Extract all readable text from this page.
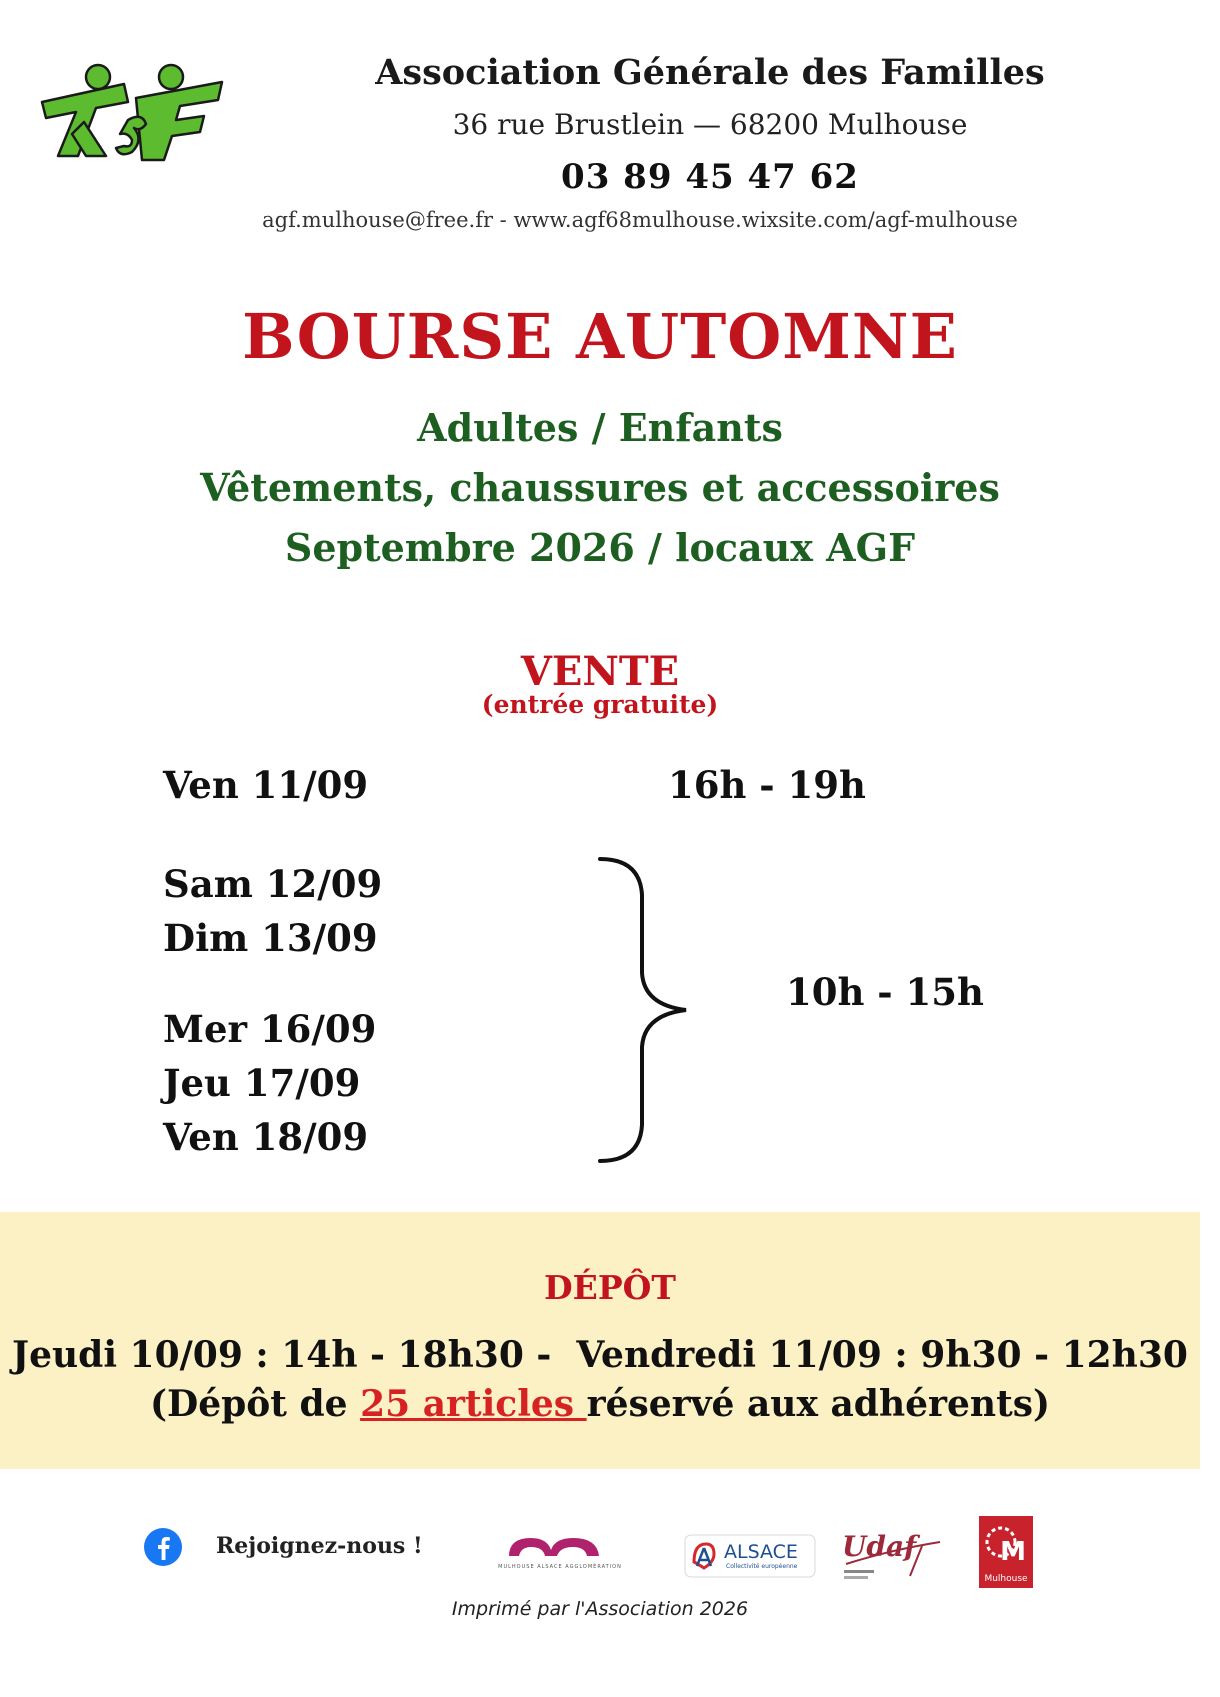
Association Générale des Familles
36 rue Brustlein — 68200 Mulhouse
03 89 45 47 62
agf.mulhouse@free.fr - www.agf68mulhouse.wixsite.com/agf-mulhouse
BOURSE AUTOMNE
Adultes / Enfants
Vêtements, chaussures et accessoires
Septembre 2026 / locaux AGF
VENTE
(entrée gratuite)
Ven 11/09	16h - 19h
Sam 12/09
Dim 13/09
Mer 16/09
Jeu 17/09
Ven 18/09
10h - 15h
DÉPÔT
Jeudi 10/09 : 14h - 18h30 -  Vendredi 11/09 : 9h30 - 12h30
(Dépôt de 25 articles réservé aux adhérents)
Rejoignez-nous !
MULHOUSE ALSACE AGGLOMÉRATION
ALSACE
Collectivité européenne
Udaf	M
Mulhouse
Imprimé par l'Association 2026
